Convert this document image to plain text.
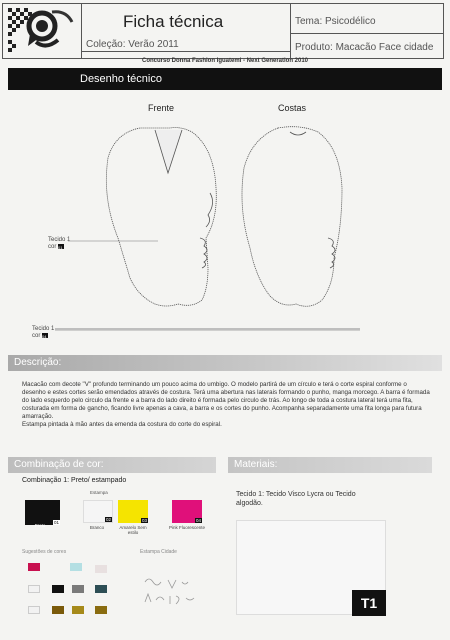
Ficha técnica
Coleção: Verão 2011
Tema: Psicodélico
Produto: Macacão Face cidade
Concurso Donna Fashion Iguatemi - Next Generation 2010
Desenho técnico
Frente	Costas
Tecido 1
cor 01
Tecido 1
cor 04
Descrição:
Macacão com decote "V" profundo terminando um pouco acima do umbigo. O modelo partirá de um círculo e terá o corte espiral conforme o desenho e estes cortes serão emendados através de costura. Terá uma abertura nas laterais formando o punho, manga morcego. A barra é formada do lado esquerdo pelo circulo da frente e a barra do lado direito é formada pelo circulo de trás. Ao longo de toda a costura lateral terá uma fita, costurada em forma de gancho, ficando livre apenas a cava, a barra e os cortes do punho. Acompanha separadamente uma fita longa para futura amarração.
Estampa pintada à mão antes da emenda da costura do corte do espiral.
Combinação de cor:	Materiais:
Combinação 1: Preto/ estampado
Estampa
01
Preto
02
Branco
03
Amarelo Sem estilo
04
Pink Fluorescente
Sugestões de cores	Estampa Cidade
Tecido 1: Tecido Visco Lycra ou Tecido algodão.
T1
